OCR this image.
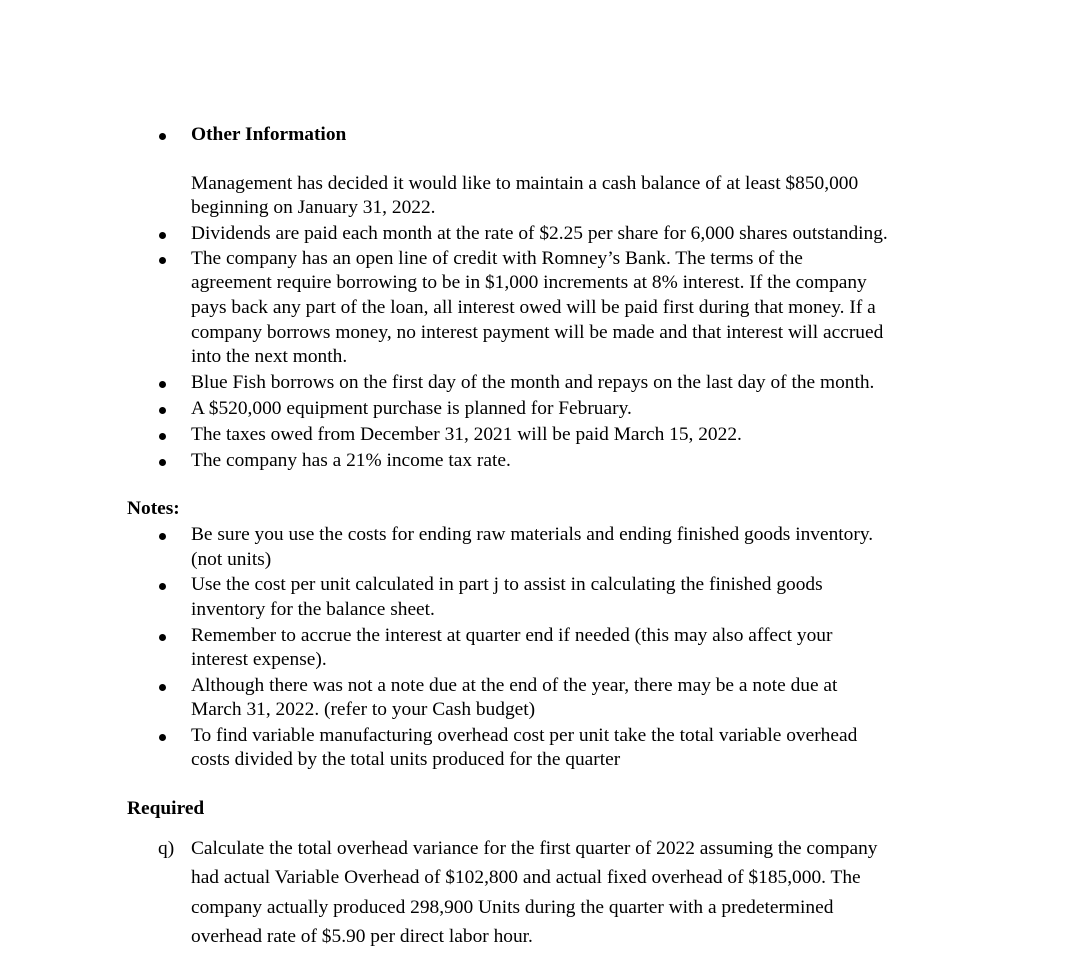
Other Information
Management has decided it would like to maintain a cash balance of at least $850,000
beginning on January 31, 2022.
Dividends are paid each month at the rate of $2.25 per share for 6,000 shares outstanding.
The company has an open line of credit with Romney’s Bank. The terms of the
agreement require borrowing to be in $1,000 increments at 8% interest. If the company
pays back any part of the loan, all interest owed will be paid first during that money. If a
company borrows money, no interest payment will be made and that interest will accrued
into the next month.
Blue Fish borrows on the first day of the month and repays on the last day of the month.
A $520,000 equipment purchase is planned for February.
The taxes owed from December 31, 2021 will be paid March 15, 2022.
The company has a 21% income tax rate.
Notes:
Be sure you use the costs for ending raw materials and ending finished goods inventory.
(not units)
Use the cost per unit calculated in part j to assist in calculating the finished goods
inventory for the balance sheet.
Remember to accrue the interest at quarter end if needed (this may also affect your
interest expense).
Although there was not a note due at the end of the year, there may be a note due at
March 31, 2022. (refer to your Cash budget)
To find variable manufacturing overhead cost per unit take the total variable overhead
costs divided by the total units produced for the quarter
Required
q) Calculate the total overhead variance for the first quarter of 2022 assuming the company
had actual Variable Overhead of $102,800 and actual fixed overhead of $185,000. The
company actually produced 298,900 Units during the quarter with a predetermined
overhead rate of $5.90 per direct labor hour.
